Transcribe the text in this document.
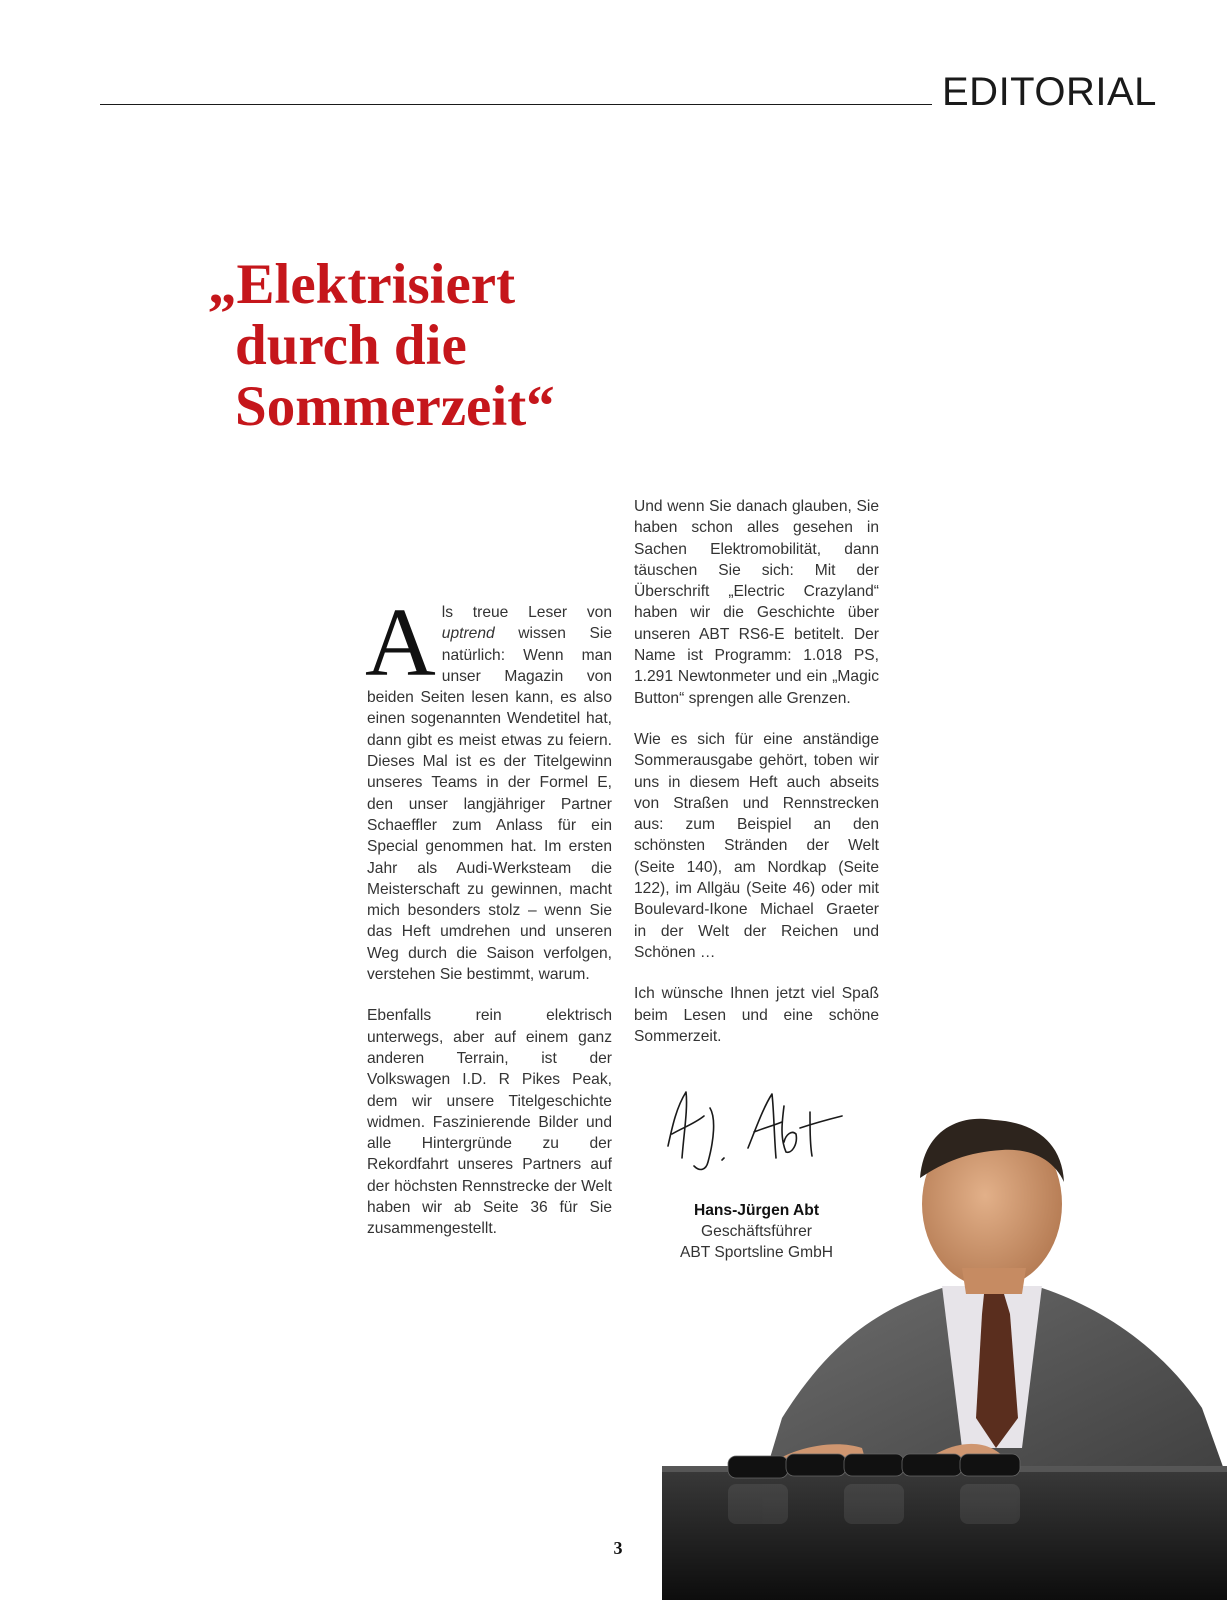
EDITORIAL
„Elektrisiert
durch die
Sommerzeit“

A ls treue Leser von uptrend wissen Sie natürlich: Wenn man unser Magazin von beiden Seiten lesen kann, es also einen sogenannten Wendetitel hat, dann gibt es meist etwas zu feiern. Dieses Mal ist es der Titelgewinn unseres Teams in der Formel E, den unser langjähriger Partner Schaeffler zum Anlass für ein Special genommen hat. Im ersten Jahr als Audi-Werksteam die Meisterschaft zu gewinnen, macht mich besonders stolz – wenn Sie das Heft umdrehen und unseren Weg durch die Saison verfolgen, verstehen Sie bestimmt, warum.

Ebenfalls rein elektrisch unterwegs, aber auf einem ganz anderen Terrain, ist der Volkswagen I.D. R Pikes Peak, dem wir unsere Titelgeschichte widmen. Faszinierende Bilder und alle Hintergründe zu der Rekordfahrt unseres Partners auf der höchsten Rennstrecke der Welt haben wir ab Seite 36 für Sie zusammengestellt.

Und wenn Sie danach glauben, Sie haben schon alles gesehen in Sachen Elektromobilität, dann täuschen Sie sich: Mit der Überschrift „Electric Crazyland“ haben wir die Geschichte über unseren ABT RS6-E betitelt. Der Name ist Programm: 1.018 PS, 1.291 Newtonmeter und ein „Magic Button“ sprengen alle Grenzen.

Wie es sich für eine anständige Sommerausgabe gehört, toben wir uns in diesem Heft auch abseits von Straßen und Rennstrecken aus: zum Beispiel an den schönsten Stränden der Welt (Seite 140), am Nordkap (Seite 122), im Allgäu (Seite 46) oder mit Boulevard-Ikone Michael Graeter in der Welt der Reichen und Schönen …

Ich wünsche Ihnen jetzt viel Spaß beim Lesen und eine schöne Sommerzeit.

Hans-Jürgen Abt
Geschäftsführer
ABT Sportsline GmbH
3
